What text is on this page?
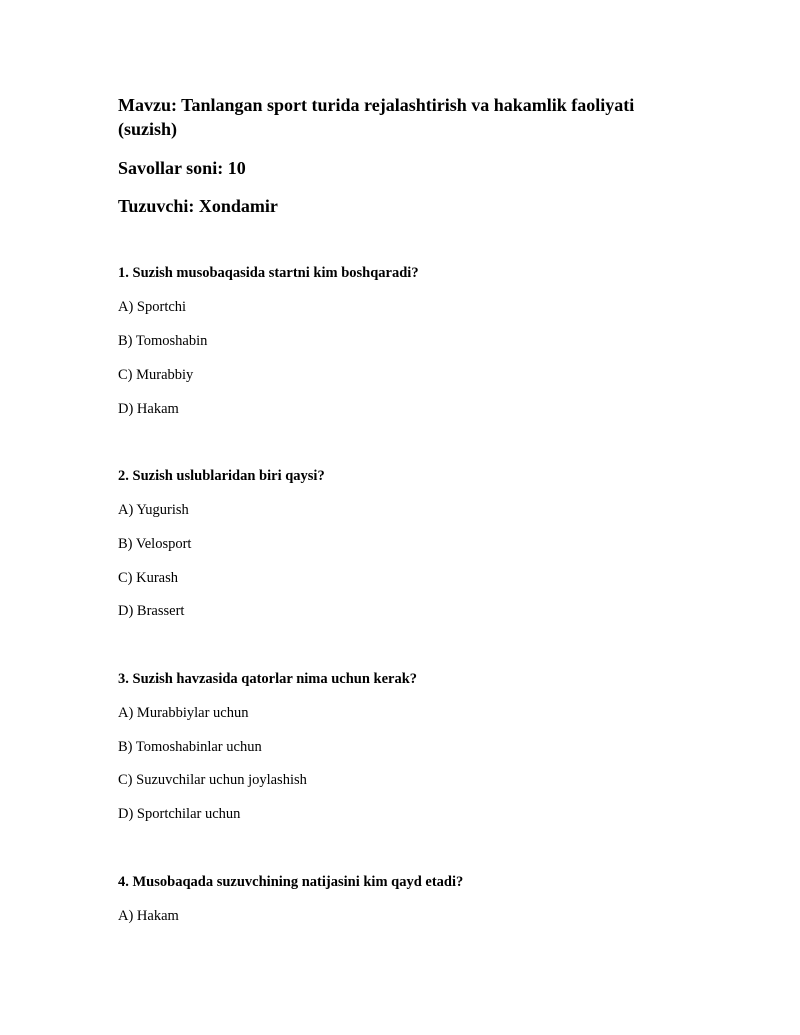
Mavzu: Tanlangan sport turida rejalashtirish va hakamlik faoliyati (suzish)

Savollar soni: 10

Tuzuvchi: Xondamir

1. Suzish musobaqasida startni kim boshqaradi?

A) Sportchi

B) Tomoshabin

C) Murabbiy

D) Hakam

2. Suzish uslublaridan biri qaysi?

A) Yugurish

B) Velosport

C) Kurash

D) Brassert

3. Suzish havzasida qatorlar nima uchun kerak?

A) Murabbiylar uchun

B) Tomoshabinlar uchun

C) Suzuvchilar uchun joylashish

D) Sportchilar uchun

4. Musobaqada suzuvchining natijasini kim qayd etadi?

A) Hakam
